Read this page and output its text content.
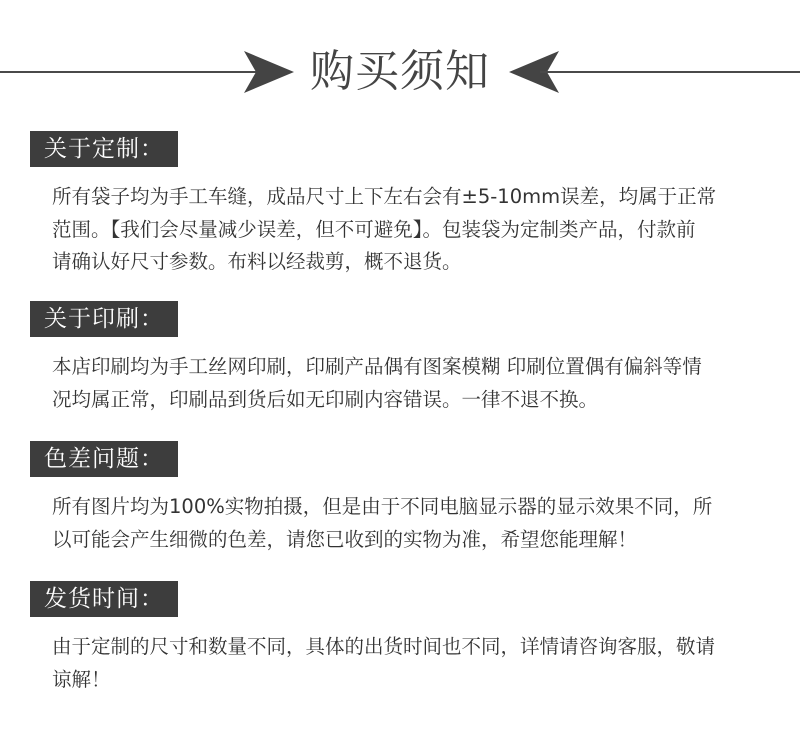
购买须知
关于定制：
所有袋子均为手工车缝，成品尺寸上下左右会有±5-10mm误差，均属于正常
范围。【我们会尽量减少误差，但不可避免】。包装袋为定制类产品，付款前
请确认好尺寸参数。布料以经裁剪，概不退货。
关于印刷：
本店印刷均为手工丝网印刷，印刷产品偶有图案模糊 印刷位置偶有偏斜等情
况均属正常，印刷品到货后如无印刷内容错误。一律不退不换。
色差问题：
所有图片均为100%实物拍摄，但是由于不同电脑显示器的显示效果不同，所
以可能会产生细微的色差，请您已收到的实物为准，希望您能理解！
发货时间：
由于定制的尺寸和数量不同，具体的出货时间也不同，详情请咨询客服，敬请
谅解！
